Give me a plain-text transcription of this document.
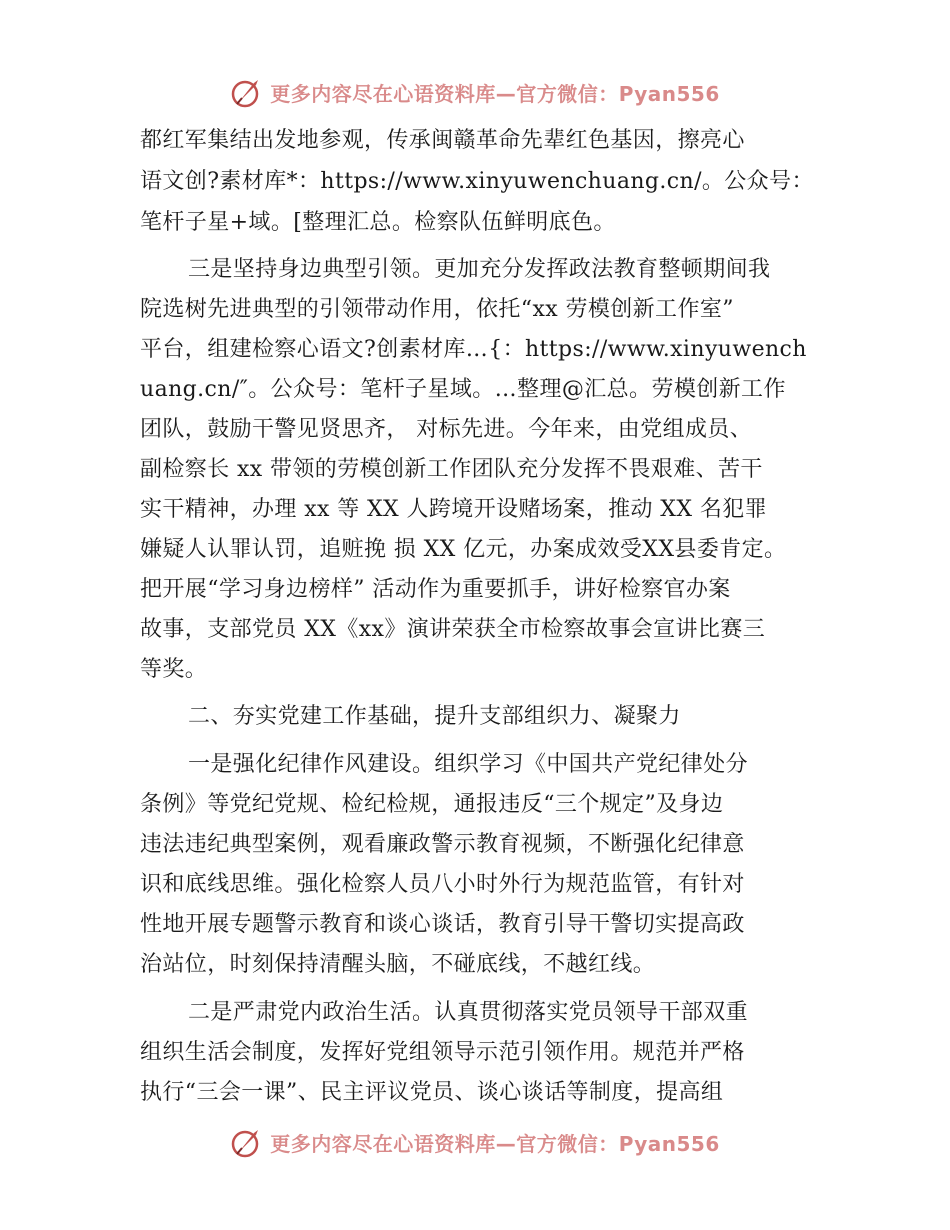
更多内容尽在心语资料库—官方微信：Pyan556
都红军集结出发地参观，传承闽赣革命先辈红色基因，擦亮心
语文创?素材库*：https://www.xinyuwenchuang.cn/。公众号：
笔杆子星+域。[整理汇总。检察队伍鲜明底色。
三是坚持身边典型引领。更加充分发挥政法教育整顿期间我
院选树先进典型的引领带动作用，依托“xx 劳模创新工作室”
平台，组建检察心语文?创素材库…{：https://www.xinyuwench
uang.cn/″。公众号：笔杆子星域。…整理@汇总。劳模创新工作
团队，鼓励干警见贤思齐， 对标先进。今年来，由党组成员、
副检察长 xx 带领的劳模创新工作团队充分发挥不畏艰难、苦干
实干精神，办理 xx 等 XX 人跨境开设赌场案，推动 XX 名犯罪
嫌疑人认罪认罚，追赃挽 损 XX 亿元，办案成效受XX县委肯定。
把开展“学习身边榜样” 活动作为重要抓手，讲好检察官办案
故事，支部党员 XX《xx》演讲荣获全市检察故事会宣讲比赛三
等奖。
二、夯实党建工作基础，提升支部组织力、凝聚力
一是强化纪律作风建设。组织学习《中国共产党纪律处分
条例》等党纪党规、检纪检规，通报违反“三个规定”及身边
违法违纪典型案例，观看廉政警示教育视频，不断强化纪律意
识和底线思维。强化检察人员八小时外行为规范监管，有针对
性地开展专题警示教育和谈心谈话，教育引导干警切实提高政
治站位，时刻保持清醒头脑，不碰底线，不越红线。
二是严肃党内政治生活。认真贯彻落实党员领导干部双重
组织生活会制度，发挥好党组领导示范引领作用。规范并严格
执行“三会一课”、民主评议党员、谈心谈话等制度，提高组
更多内容尽在心语资料库—官方微信：Pyan556
